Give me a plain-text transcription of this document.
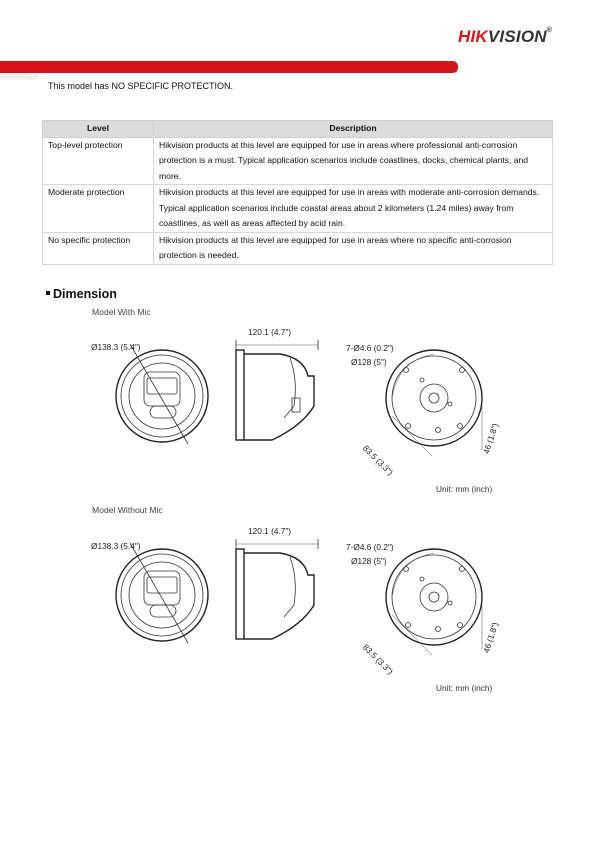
HIKVISION®
This model has NO SPECIFIC PROTECTION.
Level	Description
Top-level protection	Hikvision products at this level are equipped for use in areas where professional anti-corrosion protection is a must. Typical application scenarios include coastlines, docks, chemical plants, and more.
Moderate protection	Hikvision products at this level are equipped for use in areas with moderate anti-corrosion demands. Typical application scenarios include coastal areas about 2 kilometers (1.24 miles) away from coastlines, as well as areas affected by acid rain.
No specific protection	Hikvision products at this level are equipped for use in areas where no specific anti-corrosion protection is needed.
Dimension
Model With Mic
Ø138.3 (5.4")
120.1 (4.7")
7-Ø4.6 (0.2")
Ø128 (5")
83.5 (3.3")
46 (1.8")
Unit: mm (inch)
Model Without Mic
Ø138.3 (5.4")
120.1 (4.7")
7-Ø4.6 (0.2")
Ø128 (5")
83.5 (3.3")
46 (1.8")
Unit: mm (inch)
